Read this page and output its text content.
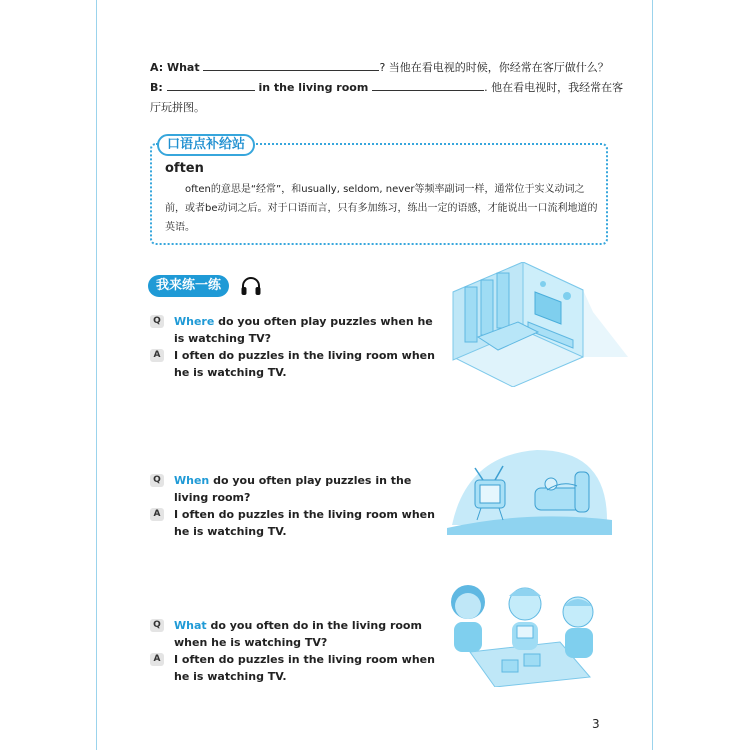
A: What	? 当他在看电视的时候，你经常在客厅做什么？
B:	in the living room	. 他在看电视时，我经常在客
厅玩拼图。
口语点补给站
often
often的意思是“经常”，和usually, seldom, never等频率副词一样，通常位于实义动词之前，或者be动词之后。对于口语而言，只有多加练习，练出一定的语感，才能说出一口流利地道的英语。
我来练一练
Q Where do you often play puzzles when he is watching TV?
A	I often do puzzles in the living room when he is watching TV.
Q When do you often play puzzles in the living room?
A	I often do puzzles in the living room when he is watching TV.
Q What do you often do in the living room when he is watching TV?
A	I often do puzzles in the living room when he is watching TV.
3
